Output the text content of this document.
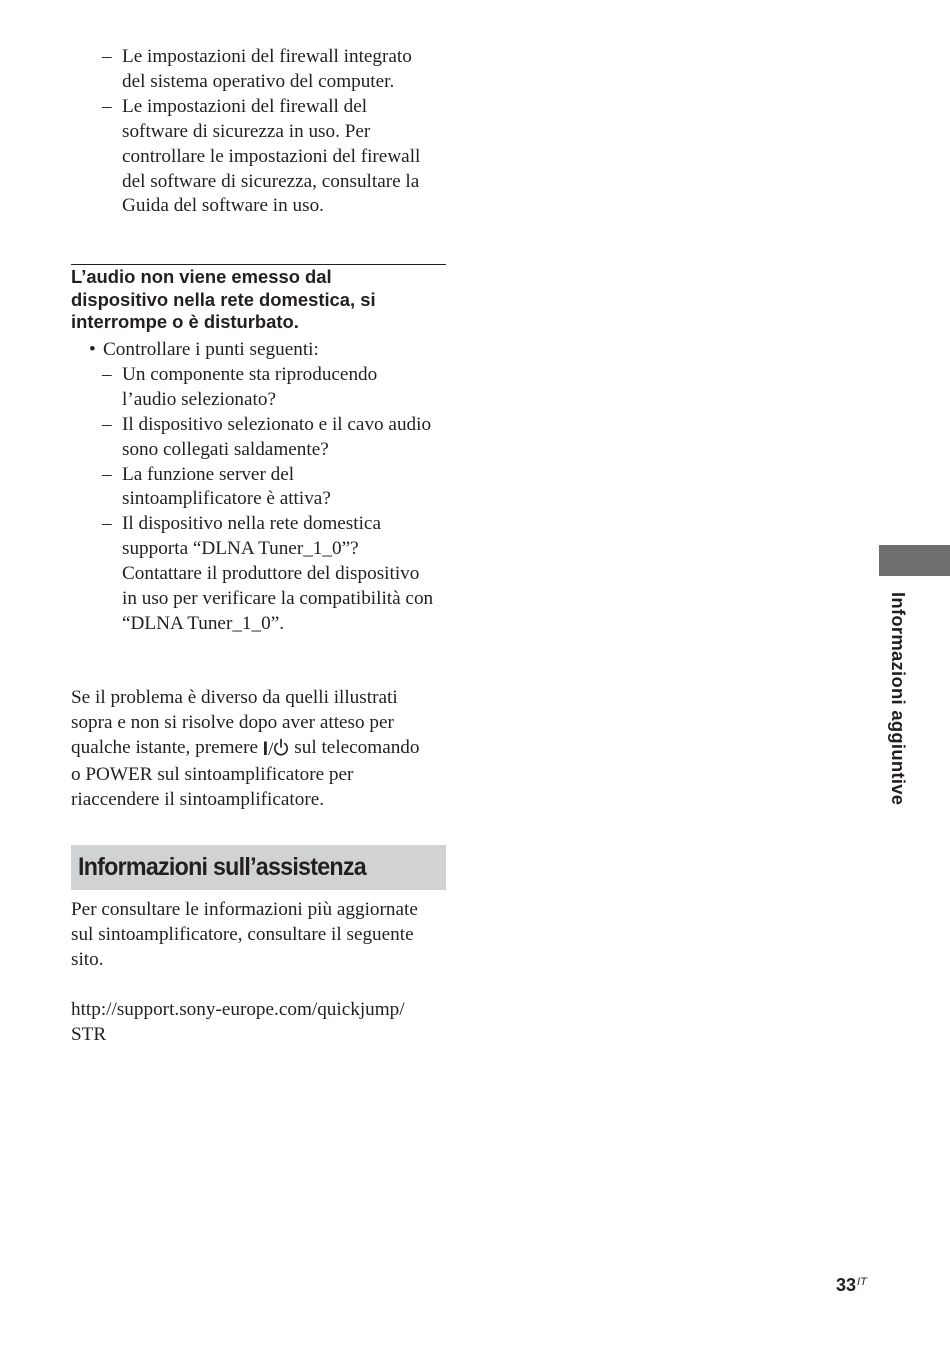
– Le impostazioni del firewall integrato
del sistema operativo del computer.
– Le impostazioni del firewall del
software di sicurezza in uso. Per
controllare le impostazioni del firewall
del software di sicurezza, consultare la
Guida del software in uso.
L’audio non viene emesso dal
dispositivo nella rete domestica, si
interrompe o è disturbato.
• Controllare i punti seguenti:
– Un componente sta riproducendo
l’audio selezionato?
– Il dispositivo selezionato e il cavo audio
sono collegati saldamente?
– La funzione server del
sintoamplificatore è attiva?
– Il dispositivo nella rete domestica
supporta “DLNA Tuner_1_0”?
Contattare il produttore del dispositivo
in uso per verificare la compatibilità con
“DLNA Tuner_1_0”.
Se il problema è diverso da quelli illustrati
sopra e non si risolve dopo aver atteso per
qualche istante, premere I/ sul telecomando
o POWER sul sintoamplificatore per
riaccendere il sintoamplificatore.
Informazioni sull’assistenza
Per consultare le informazioni più aggiornate
sul sintoamplificatore, consultare il seguente
sito.
http://support.sony-europe.com/quickjump/
STR
Informazioni aggiuntive
$33^{IT}$
